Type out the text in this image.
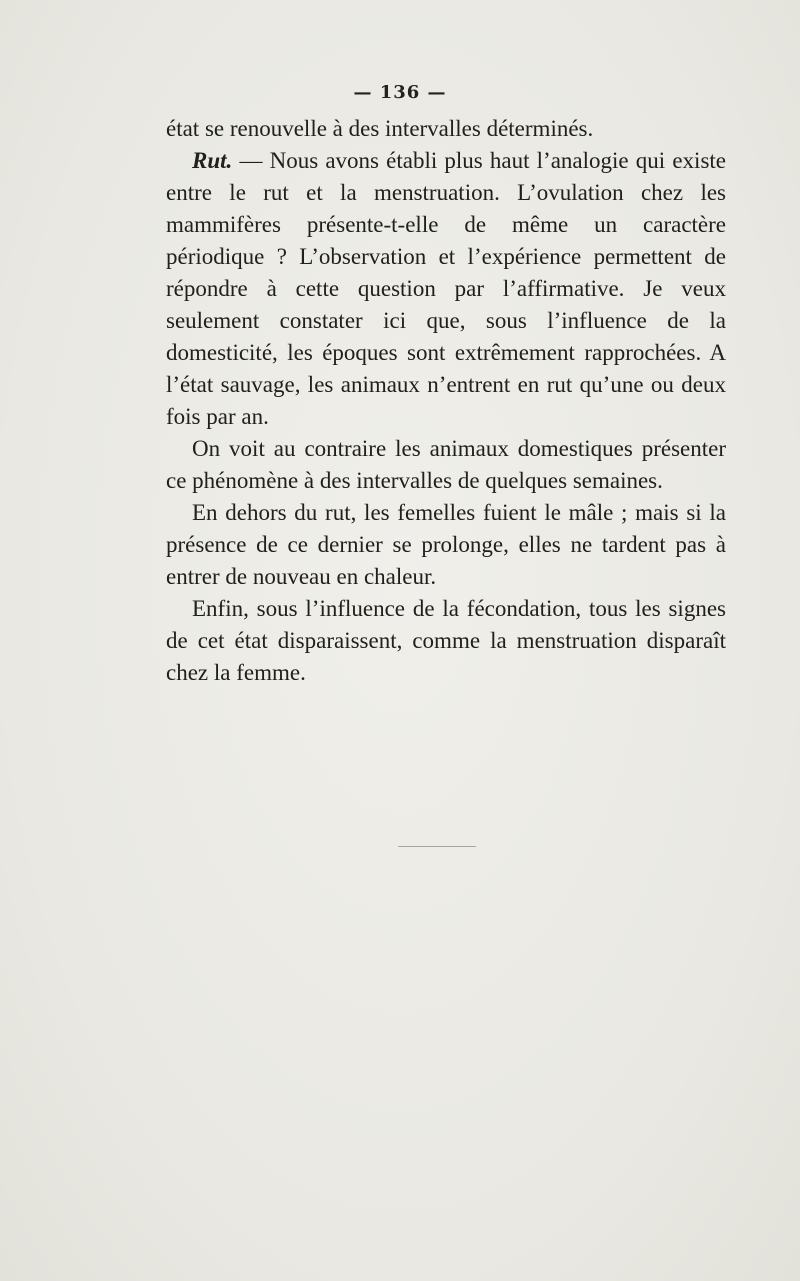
— 136 —

état se renouvelle à des intervalles déterminés.

Rut. — Nous avons établi plus haut l’analogie qui existe entre le rut et la menstruation. L’ovulation chez les mammifères présente-t-elle de même un caractère périodique ? L’observation et l’expérience permettent de répondre à cette question par l’affirmative. Je veux seulement constater ici que, sous l’influence de la domesticité, les époques sont extrêmement rapprochées. A l’état sauvage, les animaux n’entrent en rut qu’une ou deux fois par an.

On voit au contraire les animaux domestiques présenter ce phénomène à des intervalles de quelques semaines.

En dehors du rut, les femelles fuient le mâle ; mais si la présence de ce dernier se prolonge, elles ne tardent pas à entrer de nouveau en chaleur.

Enfin, sous l’influence de la fécondation, tous les signes de cet état disparaissent, comme la menstruation disparaît chez la femme.
